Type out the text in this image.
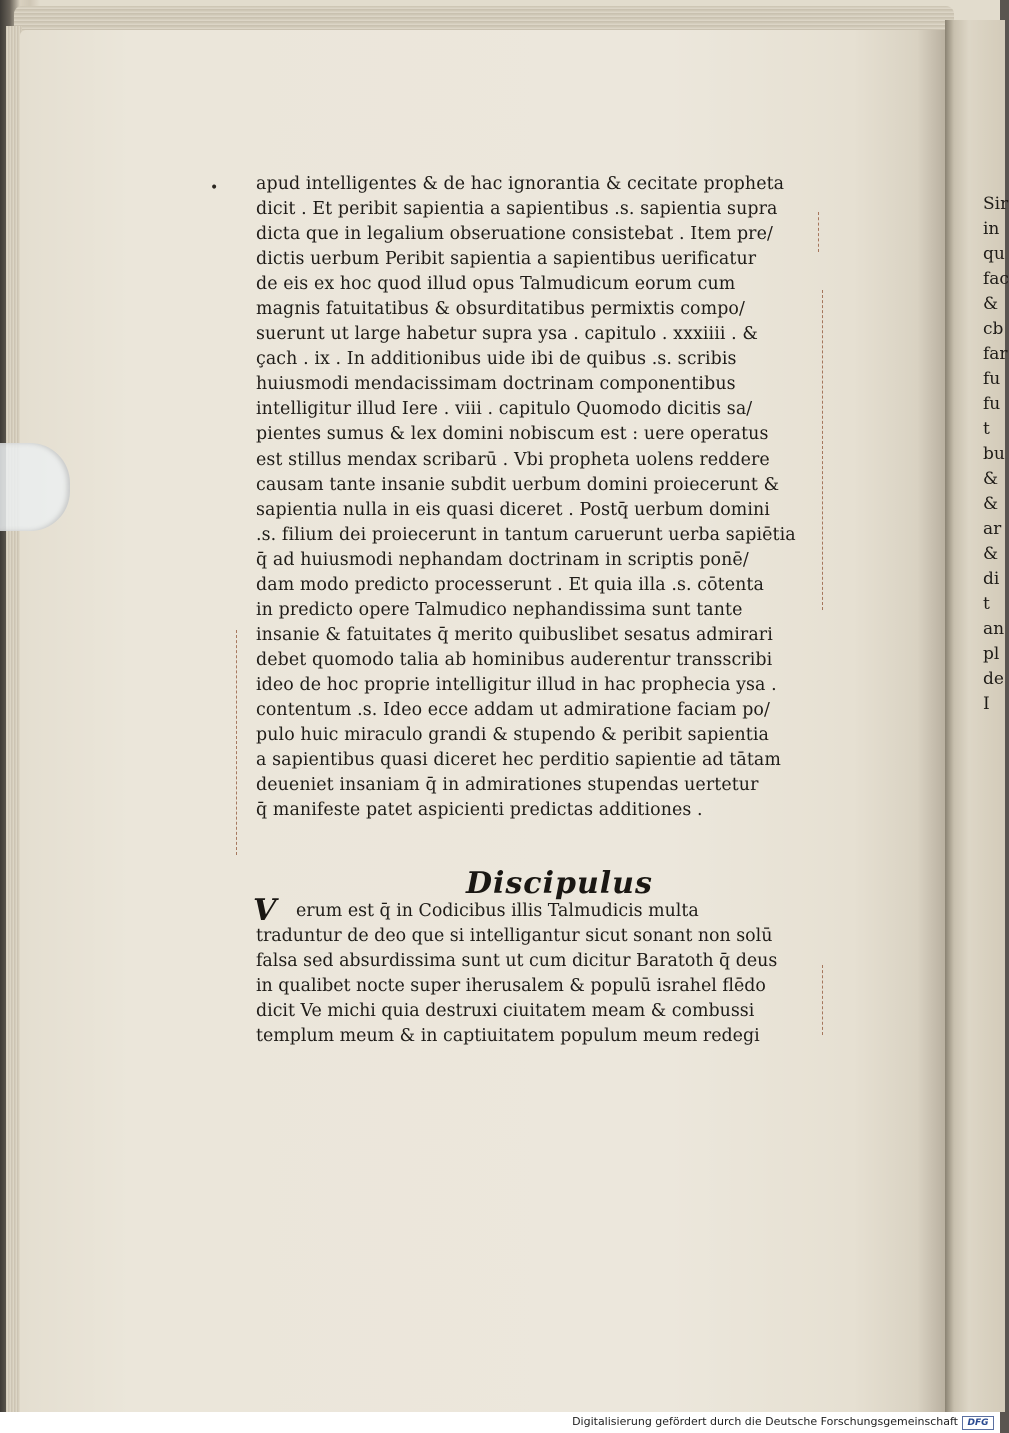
Sir
in
qu
fac
&
cb
far
fu
fu
t
bu
&
&
ar
&
di
t
an
pl
de
I
• apud intelligentes & de hac ignorantia & cecitate propheta
dicit . Et peribit sapientia a sapientibus .s. sapientia supra
dicta que in legalium obseruatione consistebat . Item pre/
dictis uerbum Peribit sapientia a sapientibus uerificatur
de eis ex hoc quod illud opus Talmudicum eorum cum
magnis fatuitatibus & obsurditatibus permixtis compo/
suerunt ut large habetur supra ysa . capitulo . xxxiiii . &
çach . ix . In additionibus uide ibi de quibus .s. scribis
huiusmodi mendacissimam doctrinam componentibus
intelligitur illud Iere . viii . capitulo Quomodo dicitis sa/
pientes sumus & lex domini nobiscum est : uere operatus
est stillus mendax scribarū . Vbi propheta uolens reddere
causam tante insanie subdit uerbum domini proiecerunt &
sapientia nulla in eis quasi diceret . Postq̄ uerbum domini
.s. filium dei proiecerunt in tantum caruerunt uerba sapiētia
q̄ ad huiusmodi nephandam doctrinam in scriptis ponē/
dam modo predicto processerunt . Et quia illa .s. cōtenta
in predicto opere Talmudico nephandissima sunt tante
insanie & fatuitates q̄ merito quibuslibet sesatus admirari
debet quomodo talia ab hominibus auderentur transscribi
ideo de hoc proprie intelligitur illud in hac prophecia ysa .
contentum .s. Ideo ecce addam ut admiratione faciam po/
pulo huic miraculo grandi & stupendo & peribit sapientia
a sapientibus quasi diceret hec perditio sapientie ad tātam
deueniet insaniam q̄ in admirationes stupendas uertetur
q̄ manifeste patet aspicienti predictas additiones .
Discipulus
V	erum est q̄ in Codicibus illis Talmudicis multa
traduntur de deo que si intelligantur sicut sonant non solū
falsa sed absurdissima sunt ut cum dicitur Baratoth q̄ deus
in qualibet nocte super iherusalem & populū israhel flēdo
dicit Ve michi quia destruxi ciuitatem meam & combussi
templum meum & in captiuitatem populum meum redegi
Digitalisierung gefördert durch die Deutsche Forschungsgemeinschaft	DFG
